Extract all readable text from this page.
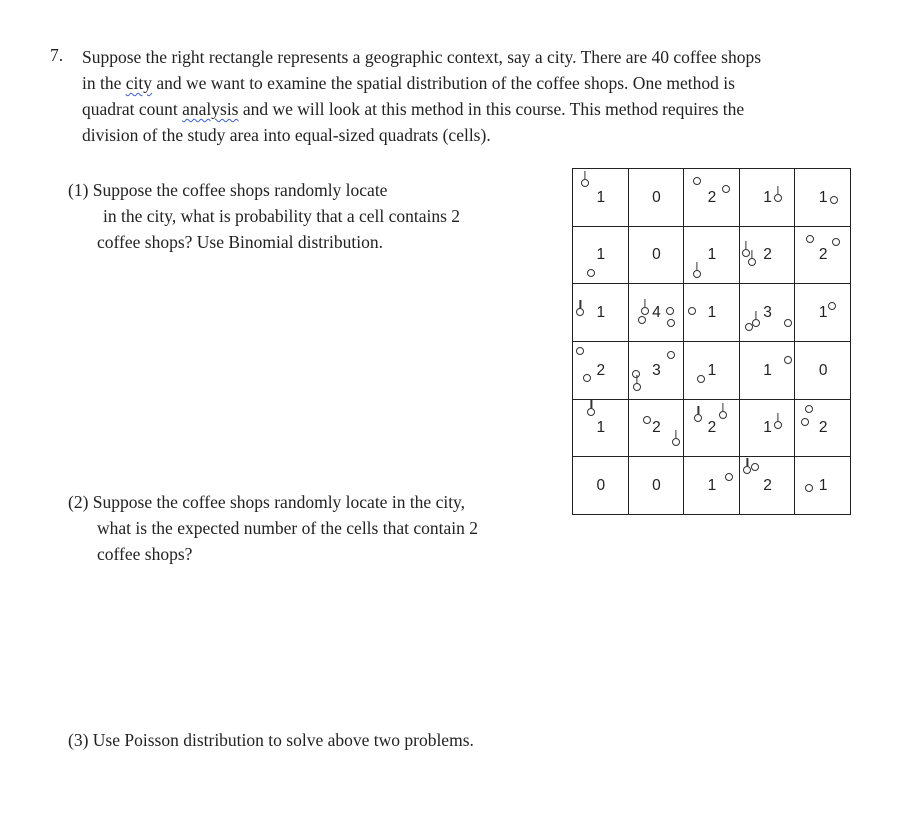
7. Suppose the right rectangle represents a geographic context, say a city. There are 40 coffee shops
in the city and we want to examine the spatial distribution of the coffee shops. One method is
quadrat count analysis and we will look at this method in this course. This method requires the
division of the study area into equal-sized quadrats (cells).
(1) Suppose the coffee shops randomly locate
in the city, what is probability that a cell contains 2
coffee shops? Use Binomial distribution.
(2) Suppose the coffee shops randomly locate in the city,
what is the expected number of the cells that contain 2
coffee shops?
(3) Use Poisson distribution to solve above two problems.
1	0	2	1	1
1	0	1	2	2
1	4	1	3	1
2	3	1	1	0
1	2	2	1	2
0	0	1	2	1
